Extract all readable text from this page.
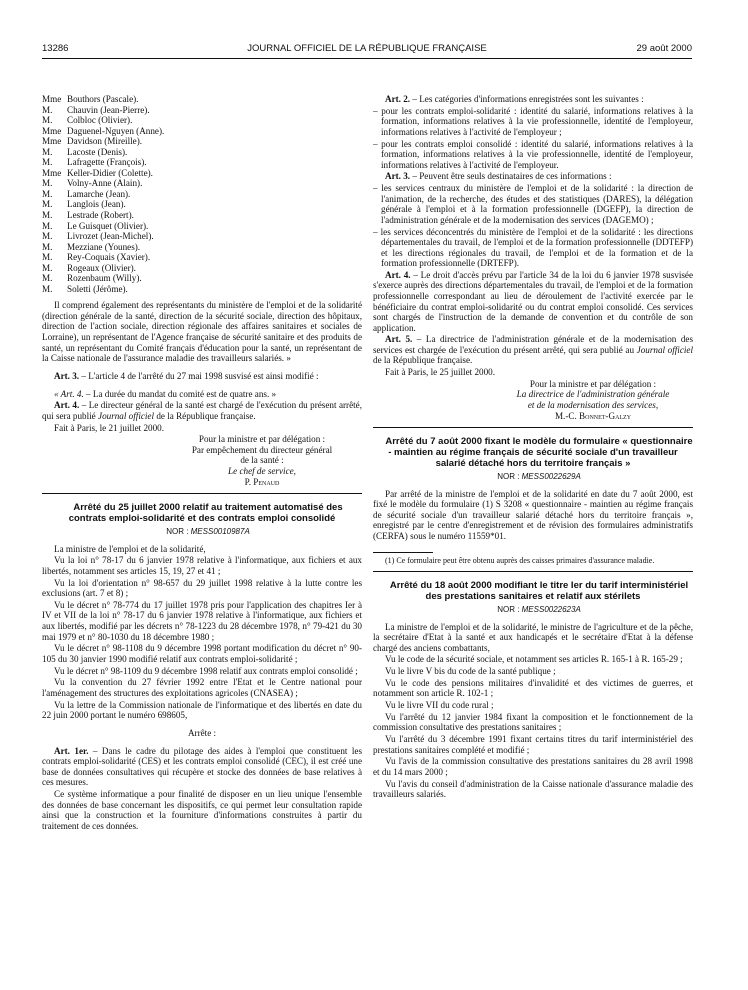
13286	JOURNAL OFFICIEL DE LA RÉPUBLIQUE FRANÇAISE	29 août 2000
Mme Bouthors (Pascale).
M.	Chauvin (Jean-Pierre).
M.	Colbloc (Olivier).
Mme Daguenel-Nguyen (Anne).
Mme Davidson (Mireille).
M.	Lacoste (Denis).
M.	Lafragette (François).
Mme Keller-Didier (Colette).
M.	Volny-Anne (Alain).
M.	Lamarche (Jean).
M.	Langlois (Jean).
M.	Lestrade (Robert).
M.	Le Guisquet (Olivier).
M.	Livrozet (Jean-Michel).
M.	Mezziane (Younes).
M.	Rey-Coquais (Xavier).
M.	Rogeaux (Olivier).
M.	Rozenbaum (Willy).
M.	Soletti (Jérôme).

Il comprend également des représentants du ministère de l'emploi et de la solidarité (direction générale de la santé, direction de la sécurité sociale, direction des hôpitaux, direction de l'action sociale, direction régionale des affaires sanitaires et sociales de Lorraine), un représentant de l'Agence française de sécurité sanitaire et des produits de santé, un représentant du Comité français d'éducation pour la santé, un représentant de la Caisse nationale de l'assurance maladie des travailleurs salariés. »

Art. 3. – L'article 4 de l'arrêté du 27 mai 1998 susvisé est ainsi modifié :

« Art. 4. – La durée du mandat du comité est de quatre ans. »

Art. 4. – Le directeur général de la santé est chargé de l'exécution du présent arrêté, qui sera publié Journal officiel de la République française.

Fait à Paris, le 21 juillet 2000.

Pour la ministre et par délégation :
Par empêchement du directeur général
de la santé :
Le chef de service,
P. Penaud

Arrêté du 25 juillet 2000 relatif au traitement automatisé des contrats emploi-solidarité et des contrats emploi consolidé

NOR : MESS0010987A

La ministre de l'emploi et de la solidarité,

Vu la loi n° 78-17 du 6 janvier 1978 relative à l'informatique, aux fichiers et aux libertés, notamment ses articles 15, 19, 27 et 41 ;

Vu la loi d'orientation n° 98-657 du 29 juillet 1998 relative à la lutte contre les exclusions (art. 7 et 8) ;

Vu le décret n° 78-774 du 17 juillet 1978 pris pour l'application des chapitres Ier à IV et VII de la loi n° 78-17 du 6 janvier 1978 relative à l'informatique, aux fichiers et aux libertés, modifié par les décrets n° 78-1223 du 28 décembre 1978, n° 79-421 du 30 mai 1979 et n° 80-1030 du 18 décembre 1980 ;

Vu le décret n° 98-1108 du 9 décembre 1998 portant modification du décret n° 90-105 du 30 janvier 1990 modifié relatif aux contrats emploi-solidarité ;

Vu le décret n° 98-1109 du 9 décembre 1998 relatif aux contrats emploi consolidé ;

Vu la convention du 27 février 1992 entre l'Etat et le Centre national pour l'aménagement des structures des exploitations agricoles (CNASEA) ;

Vu la lettre de la Commission nationale de l'informatique et des libertés en date du 22 juin 2000 portant le numéro 698605,

Arrête :

Art. 1er. – Dans le cadre du pilotage des aides à l'emploi que constituent les contrats emploi-solidarité (CES) et les contrats emploi consolidé (CEC), il est créé une base de données consultatives qui récupère et stocke des données de base relatives à ces mesures.

Ce système informatique a pour finalité de disposer en un lieu unique l'ensemble des données de base concernant les dispositifs, ce qui permet leur consultation rapide ainsi que la construction et la fourniture d'informations construites à partir du traitement de ces données.

Art. 2. – Les catégories d'informations enregistrées sont les suivantes :

– pour les contrats emploi-solidarité : identité du salarié, informations relatives à la formation, informations relatives à la vie professionnelle, identité de l'employeur, informations relatives à l'activité de l'employeur ;

– pour les contrats emploi consolidé : identité du salarié, informations relatives à la formation, informations relatives à la vie professionnelle, identité de l'employeur, informations relatives à l'activité de l'employeur.

Art. 3. – Peuvent être seuls destinataires de ces informations :

– les services centraux du ministère de l'emploi et de la solidarité : la direction de l'animation, de la recherche, des études et des statistiques (DARES), la délégation générale à l'emploi et à la formation professionnelle (DGEFP), la direction de l'administration générale et de la modernisation des services (DAGEMO) ;

– les services déconcentrés du ministère de l'emploi et de la solidarité : les directions départementales du travail, de l'emploi et de la formation professionnelle (DDTEFP) et les directions régionales du travail, de l'emploi et de la formation et de la formation professionnelle (DRTEFP).

Art. 4. – Le droit d'accès prévu par l'article 34 de la loi du 6 janvier 1978 susvisée s'exerce auprès des directions départementales du travail, de l'emploi et de la formation professionnelle correspondant au lieu de déroulement de l'activité exercée par le bénéficiaire du contrat emploi-solidarité ou du contrat emploi consolidé. Ces services sont chargés de l'instruction de la demande de convention et du contrôle de son application.

Art. 5. – La directrice de l'administration générale et de la modernisation des services est chargée de l'exécution du présent arrêté, qui sera publié au Journal officiel de la République française.

Fait à Paris, le 25 juillet 2000.

Pour la ministre et par délégation :
La directrice de l'administration générale
et de la modernisation des services,
M.-C. Bonnet-Galzy

Arrêté du 7 août 2000 fixant le modèle du formulaire « questionnaire - maintien au régime français de sécurité sociale d'un travailleur salarié détaché hors du territoire français »

NOR : MESS0022629A

Par arrêté de la ministre de l'emploi et de la solidarité en date du 7 août 2000, est fixé le modèle du formulaire (1) S 3208 « questionnaire - maintien au régime français de sécurité sociale d'un travailleur salarié détaché hors du territoire français », enregistré par le centre d'enregistrement et de révision des formulaires administratifs (CERFA) sous le numéro 11559*01.

(1) Ce formulaire peut être obtenu auprès des caisses primaires d'assurance maladie.

Arrêté du 18 août 2000 modifiant le titre Ier du tarif interministériel des prestations sanitaires et relatif aux stérilets

NOR : MESS0022623A

La ministre de l'emploi et de la solidarité, le ministre de l'agriculture et de la pêche, la secrétaire d'Etat à la santé et aux handicapés et le secrétaire d'Etat à la défense chargé des anciens combattants,

Vu le code de la sécurité sociale, et notamment ses articles R. 165-1 à R. 165-29 ;

Vu le livre V bis du code de la santé publique ;

Vu le code des pensions militaires d'invalidité et des victimes de guerres, et notamment son article R. 102-1 ;

Vu le livre VII du code rural ;

Vu l'arrêté du 12 janvier 1984 fixant la composition et le fonctionnement de la commission consultative des prestations sanitaires ;

Vu l'arrêté du 3 décembre 1991 fixant certains titres du tarif interministériel des prestations sanitaires complété et modifié ;

Vu l'avis de la commission consultative des prestations sanitaires du 28 avril 1998 et du 14 mars 2000 ;

Vu l'avis du conseil d'administration de la Caisse nationale d'assurance maladie des travailleurs salariés.
